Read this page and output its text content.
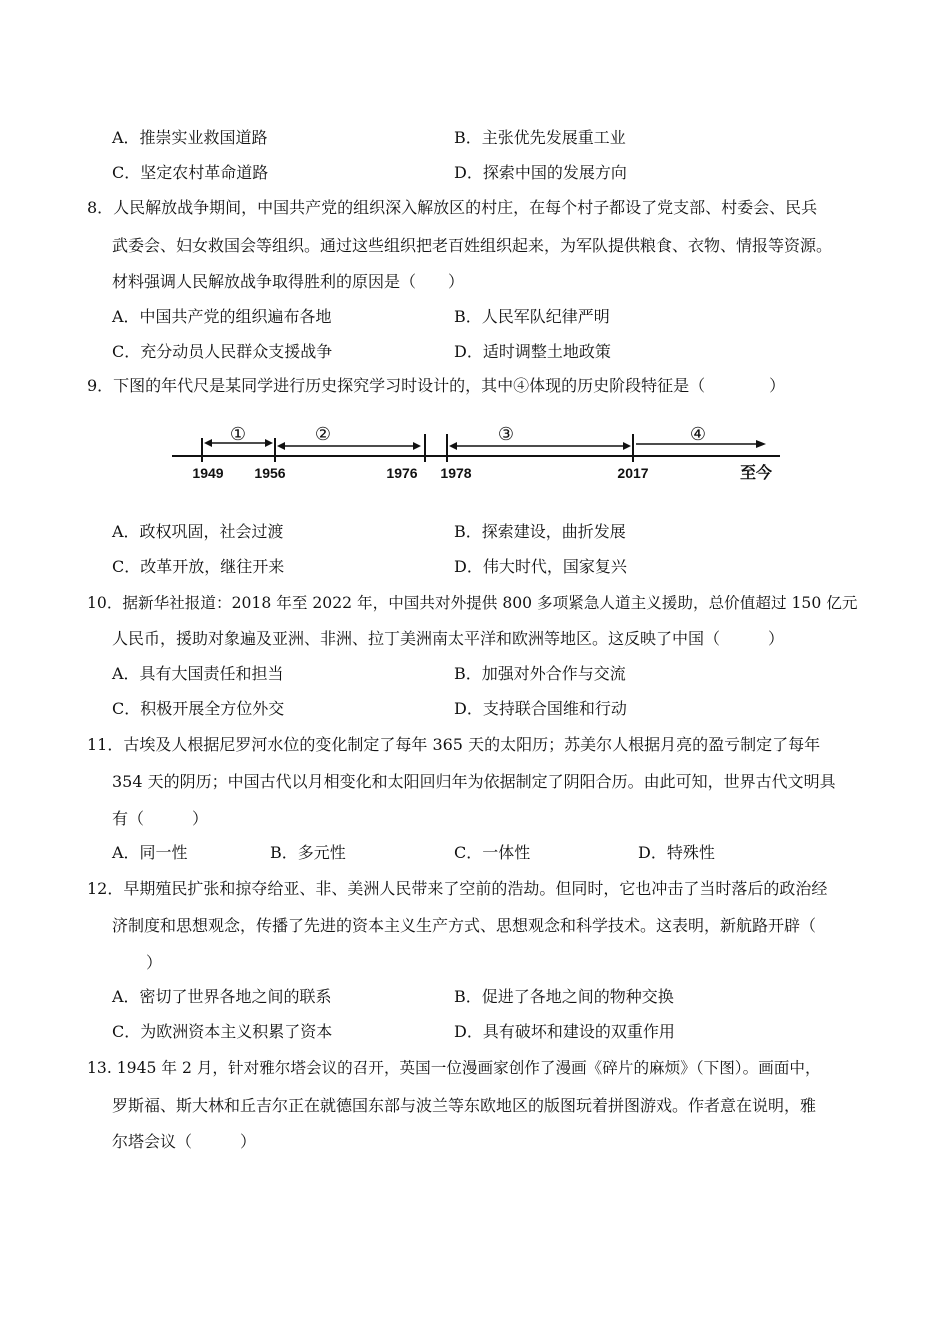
A．推崇实业救国道路	B．主张优先发展重工业
C．坚定农村革命道路	D．探索中国的发展方向
8．人民解放战争期间，中国共产党的组织深入解放区的村庄，在每个村子都设了党支部、村委会、民兵
武委会、妇女救国会等组织。通过这些组织把老百姓组织起来，为军队提供粮食、衣物、情报等资源。
材料强调人民解放战争取得胜利的原因是（　　）
A．中国共产党的组织遍布各地	B．人民军队纪律严明
C．充分动员人民群众支援战争	D．适时调整土地政策
9．下图的年代尺是某同学进行历史探究学习时设计的，其中④体现的历史阶段特征是（　　　　）
①	②	③	④
1949 1956	1976 1978	2017	至今
A．政权巩固，社会过渡	B．探索建设，曲折发展
C．改革开放，继往开来	D．伟大时代，国家复兴
10．据新华社报道：2018 年至 2022 年，中国共对外提供 800 多项紧急人道主义援助，总价值超过 150 亿元
人民币，援助对象遍及亚洲、非洲、拉丁美洲南太平洋和欧洲等地区。这反映了中国（　　　）
A．具有大国责任和担当	B．加强对外合作与交流
C．积极开展全方位外交	D．支持联合国维和行动
11．古埃及人根据尼罗河水位的变化制定了每年 365 天的太阳历；苏美尔人根据月亮的盈亏制定了每年
354 天的阴历；中国古代以月相变化和太阳回归年为依据制定了阴阳合历。由此可知，世界古代文明具
有（　　　）
A．同一性	B．多元性	C．一体性	D．特殊性
12．早期殖民扩张和掠夺给亚、非、美洲人民带来了空前的浩劫。但同时，它也冲击了当时落后的政治经
济制度和思想观念，传播了先进的资本主义生产方式、思想观念和科学技术。这表明，新航路开辟（
）
A．密切了世界各地之间的联系	B．促进了各地之间的物种交换
C．为欧洲资本主义积累了资本	D．具有破坏和建设的双重作用
13. 1945 年 2 月，针对雅尔塔会议的召开，英国一位漫画家创作了漫画《碎片的麻烦》（下图）。画面中，
罗斯福、斯大林和丘吉尔正在就德国东部与波兰等东欧地区的版图玩着拼图游戏。作者意在说明，雅
尔塔会议（　　　）
